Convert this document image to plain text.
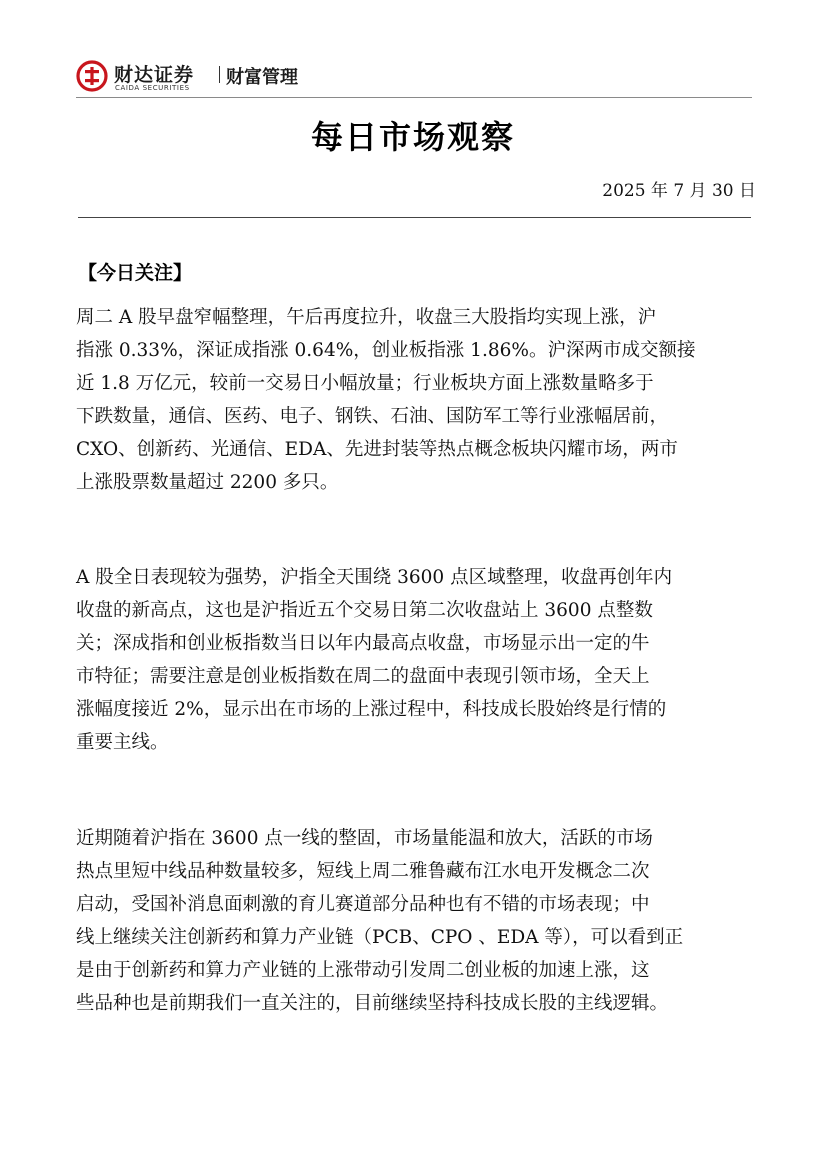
财达证券
CAIDA SECURITIES 财富管理
每日市场观察
2025 年 7 月 30 日
【今日关注】
周二 A 股早盘窄幅整理，午后再度拉升，收盘三大股指均实现上涨，沪
指涨 0.33%，深证成指涨 0.64%，创业板指涨 1.86%。沪深两市成交额接
近 1.8 万亿元，较前一交易日小幅放量；行业板块方面上涨数量略多于
下跌数量，通信、医药、电子、钢铁、石油、国防军工等行业涨幅居前，
CXO、创新药、光通信、EDA、先进封装等热点概念板块闪耀市场，两市
上涨股票数量超过 2200 多只。
A 股全日表现较为强势，沪指全天围绕 3600 点区域整理，收盘再创年内
收盘的新高点，这也是沪指近五个交易日第二次收盘站上 3600 点整数
关；深成指和创业板指数当日以年内最高点收盘，市场显示出一定的牛
市特征；需要注意是创业板指数在周二的盘面中表现引领市场，全天上
涨幅度接近 2%，显示出在市场的上涨过程中，科技成长股始终是行情的
重要主线。
近期随着沪指在 3600 点一线的整固，市场量能温和放大，活跃的市场
热点里短中线品种数量较多，短线上周二雅鲁藏布江水电开发概念二次
启动，受国补消息面刺激的育儿赛道部分品种也有不错的市场表现；中
线上继续关注创新药和算力产业链（PCB、CPO 、EDA 等），可以看到正
是由于创新药和算力产业链的上涨带动引发周二创业板的加速上涨，这
些品种也是前期我们一直关注的，目前继续坚持科技成长股的主线逻辑。
